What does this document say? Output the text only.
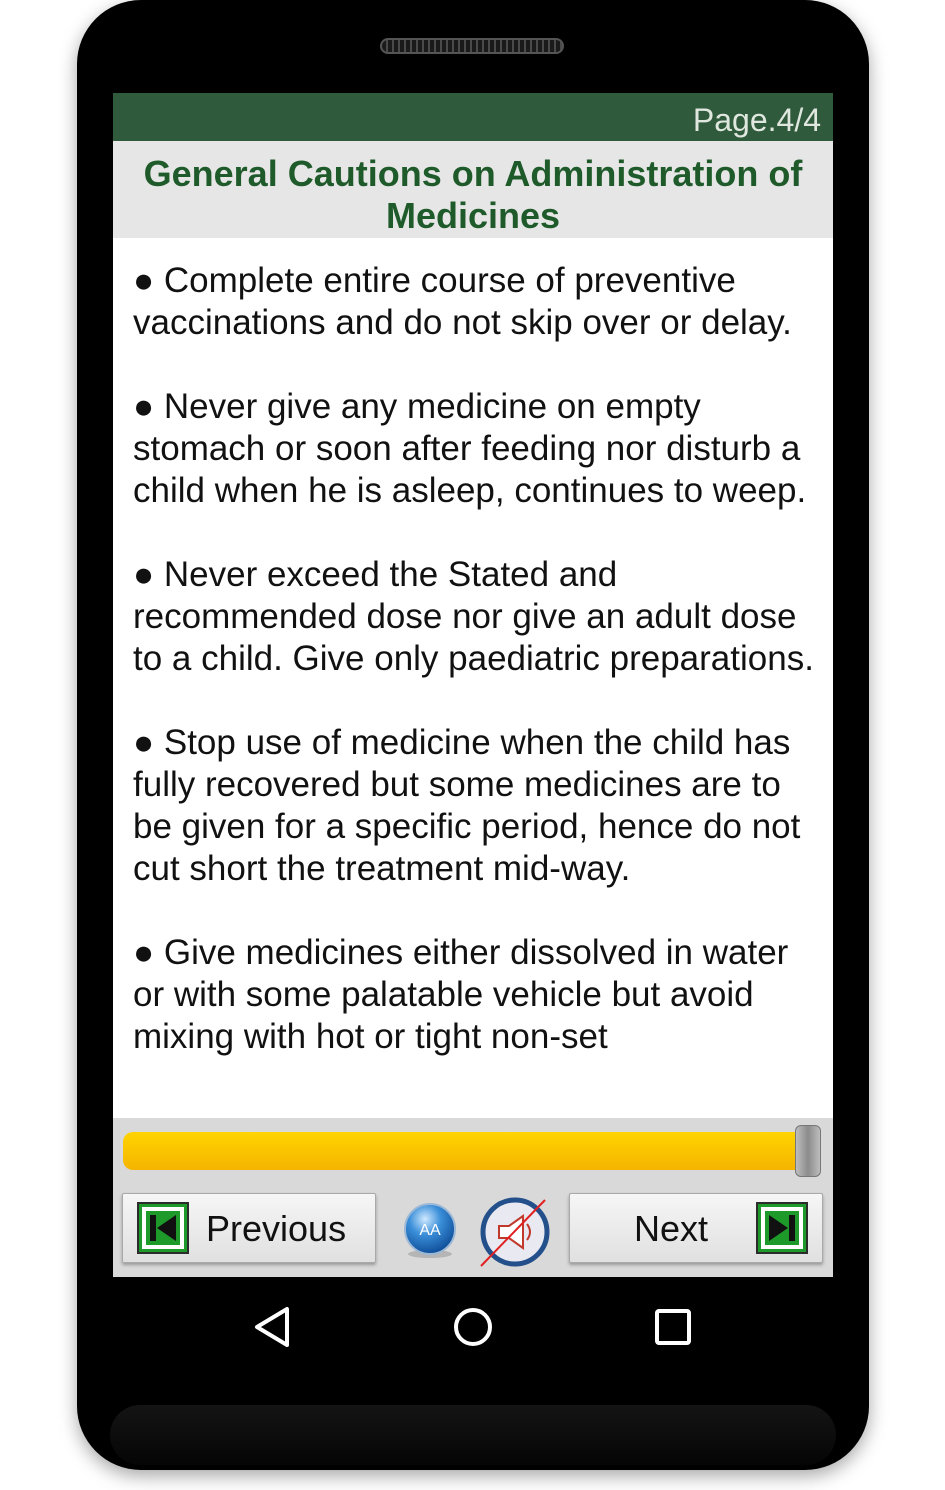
Page.4/4
General Cautions on Administration of Medicines

● Complete entire course of preventive vaccinations and do not skip over or delay.

● Never give any medicine on empty stomach or soon after feeding nor disturb a child when he is asleep, continues to weep.

● Never exceed the Stated and recommended dose nor give an adult dose to a child. Give only paediatric preparations.

● Stop use of medicine when the child has fully recovered but some medicines are to be given for a specific period, hence do not cut short the treatment mid-way.

● Give medicines either dissolved in water or with some palatable vehicle but avoid mixing with hot or tight non-set

Previous	AA	Next
